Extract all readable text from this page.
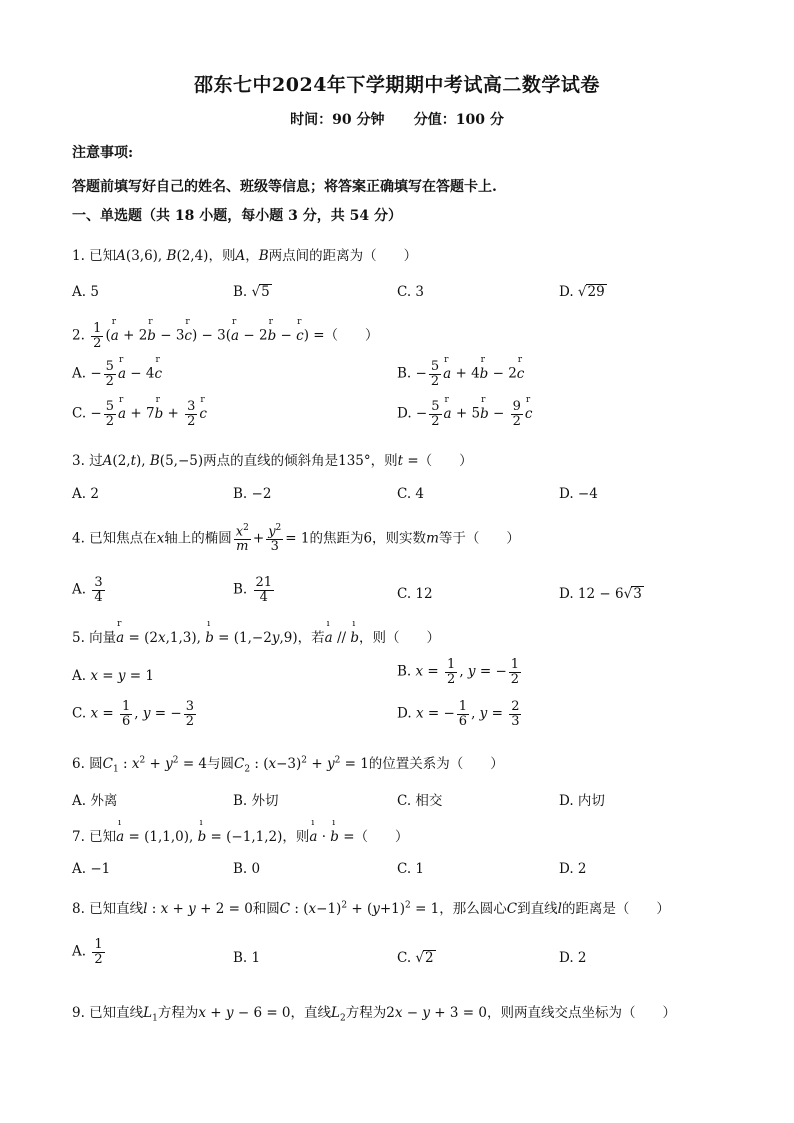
邵东七中2024年下学期期中考试高二数学试卷
时间：90 分钟      分值：100 分
注意事项:
答题前填写好自己的姓名、班级等信息；将答案正确填写在答题卡上.
一、单选题（共 18 小题，每小题 3 分，共 54 分）
1. 已知A(3,6), B(2,4)，则A，B两点间的距离为（　　）
A. 5	B. √5	C. 3	D. √29
2. $\frac{1}{2} (r$ a + 2r b − 3r c) − 3(r a − 2r b − r c) =（　　）
A. − $\frac{5}{2}$ r a − 4r c	B. − $\frac{5}{2}$ r a + 4r b − 2r c
C. − $\frac{5}{2}$ r a + 7r $b + \frac{3}{2}$ r c	D. − $\frac{5}{2}$ r a + 5r $b - \frac{9}{2}$ r c
3. 过A(2,t), B(5,−5)两点的直线的倾斜角是135°，则t =（　　）
A. 2	B. −2	C. 4	D. −4
4. 已知焦点在x轴上的椭圆 $\frac{x^2}{m} + \frac{y^2}{3} = 1$的焦距为6，则实数m等于（　　）
A. $\frac{3}{4}$	B. $\frac{21}{4}$	C. 12	D. 12 − 6√3
5. 向量r a = (2x,1,3), ı b = (1,−2y,9)，若ı a // ı b，则（　　）
A. x = y = 1	B. $x = \frac{1}{2}$ , y = − $\frac{1}{2}$
C. $x = \frac{1}{6}$ , y = − $\frac{3}{2}$	D. x = − $\frac{1}{6}$ , $y = \frac{2}{3}$
6. 圆$C_1$ : $x^2 + y^2 = 4$与圆$C_2$ : $(x-3)^2 + y^2 = 1$的位置关系为（　　）
A. 外离	B. 外切	C. 相交	D. 内切
7. 已知ı a = (1,1,0), ı b = (−1,1,2)，则ı a · ı b =（　　）
A. −1	B. 0	C. 1	D. 2
8. 已知直线l : x + y + 2 = 0和圆C : $(x-1)^2 + (y+1)^2 = 1$，那么圆心C到直线l的距离是（　　）
A. $\frac{1}{2}$	B. 1	C. √2	D. 2
9. 已知直线$L_1$方程为x + y − 6 = 0，直线$L_2$方程为2x − y + 3 = 0，则两直线交点坐标为（　　）
